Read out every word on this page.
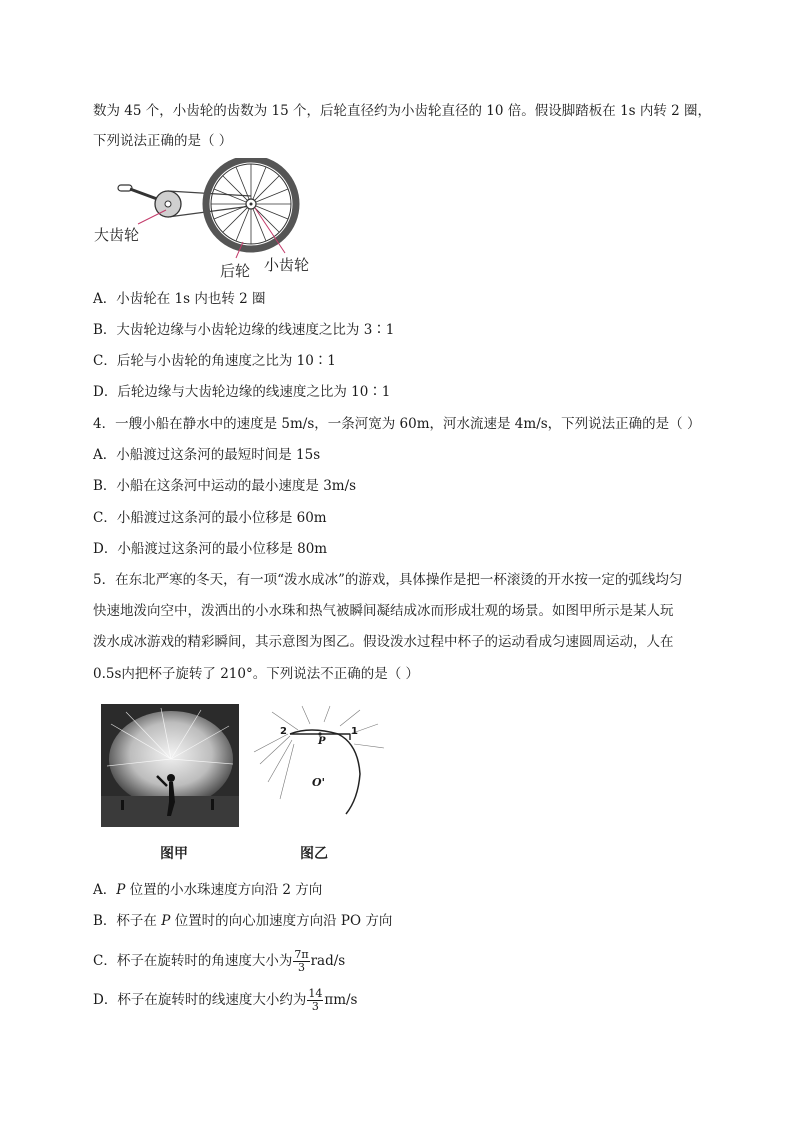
数为 45 个，小齿轮的齿数为 15 个，后轮直径约为小齿轮直径的 10 倍。假设脚踏板在 1s 内转 2 圈，
下列说法正确的是（ ）
大齿轮
后轮 小齿轮
A．小齿轮在 1s 内也转 2 圈
B．大齿轮边缘与小齿轮边缘的线速度之比为 3∶1
C．后轮与小齿轮的角速度之比为 10∶1
D．后轮边缘与大齿轮边缘的线速度之比为 10∶1
4．一艘小船在静水中的速度是 5m/s，一条河宽为 60m，河水流速是 4m/s，下列说法正确的是（ ）
A．小船渡过这条河的最短时间是 15s
B．小船在这条河中运动的最小速度是 3m/s
C．小船渡过这条河的最小位移是 60m
D．小船渡过这条河的最小位移是 80m
5．在东北严寒的冬天，有一项“泼水成冰”的游戏，具体操作是把一杯滚烫的开水按一定的弧线均匀
快速地泼向空中，泼洒出的小水珠和热气被瞬间凝结成冰而形成壮观的场景。如图甲所示是某人玩
泼水成冰游戏的精彩瞬间，其示意图为图乙。假设泼水过程中杯子的运动看成匀速圆周运动，人在
0.5s内把杯子旋转了 210°。下列说法不正确的是（ ）
2
P
1
O'
图甲	图乙
A．P 位置的小水珠速度方向沿 2 方向
B．杯子在 P 位置时的向心加速度方向沿 PO 方向
C．杯子在旋转时的角速度大小为 $\frac{7\pi}{3} rad/s$
D．杯子在旋转时的线速度大小约为 $\frac{14}{3} \pi m/s$
